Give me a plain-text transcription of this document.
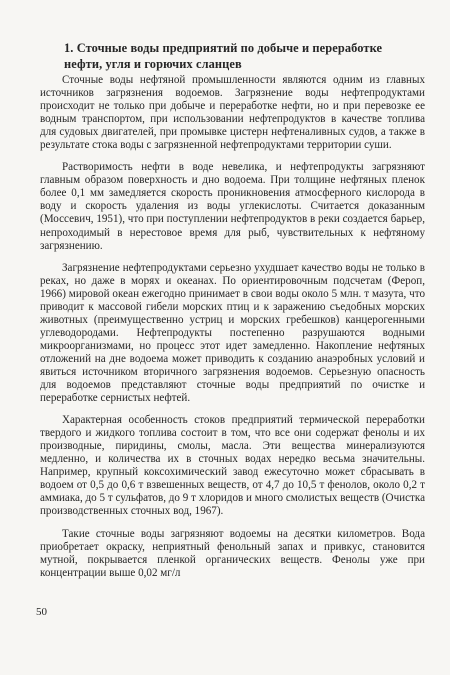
1. Сточные воды предприятий по добыче и переработке нефти, угля и горючих сланцев

Сточные воды нефтяной промышленности являются одним из главных источников загрязнения водоемов. Загрязнение воды нефтепродуктами происходит не только при добыче и переработке нефти, но и при перевозке ее водным транспортом, при использовании нефтепродуктов в качестве топлива для судовых двигателей, при промывке цистерн нефтеналивных судов, а также в результате стока воды с загрязненной нефтепродуктами территории суши.

Растворимость нефти в воде невелика, и нефтепродукты загрязняют главным образом поверхность и дно водоема. При толщине нефтяных пленок более 0,1 мм замедляется скорость проникновения атмосферного кислорода в воду и скорость удаления из воды углекислоты. Считается доказанным (Моссевич, 1951), что при поступлении нефтепродуктов в реки создается барьер, непроходимый в нерестовое время для рыб, чувствительных к нефтяному загрязнению.

Загрязнение нефтепродуктами серьезно ухудшает качество воды не только в реках, но даже в морях и океанах. По ориентировочным подсчетам (Фероп, 1966) мировой океан ежегодно принимает в свои воды около 5 млн. т мазута, что приводит к массовой гибели морских птиц и к заражению съедобных морских животных (преимущественно устриц и морских гребешков) канцерогенными углеводородами. Нефтепродукты постепенно разрушаются водными микроорганизмами, но процесс этот идет замедленно. Накопление нефтяных отложений на дне водоема может приводить к созданию анаэробных условий и явиться источником вторичного загрязнения водоемов. Серьезную опасность для водоемов представляют сточные воды предприятий по очистке и переработке сернистых нефтей.

Характерная особенность стоков предприятий термической переработки твердого и жидкого топлива состоит в том, что все они содержат фенолы и их производные, пиридины, смолы, масла. Эти вещества минерализуются медленно, и количества их в сточных водах нередко весьма значительны. Например, крупный коксохимический завод ежесуточно может сбрасывать в водоем от 0,5 до 0,6 т взвешенных веществ, от 4,7 до 10,5 т фенолов, около 0,2 т аммиака, до 5 т сульфатов, до 9 т хлоридов и много смолистых веществ (Очистка производственных сточных вод, 1967).

Такие сточные воды загрязняют водоемы на десятки километров. Вода приобретает окраску, неприятный фенольный запах и привкус, становится мутной, покрывается пленкой органических веществ. Фенолы уже при концентрации выше 0,02 мг/л

50
